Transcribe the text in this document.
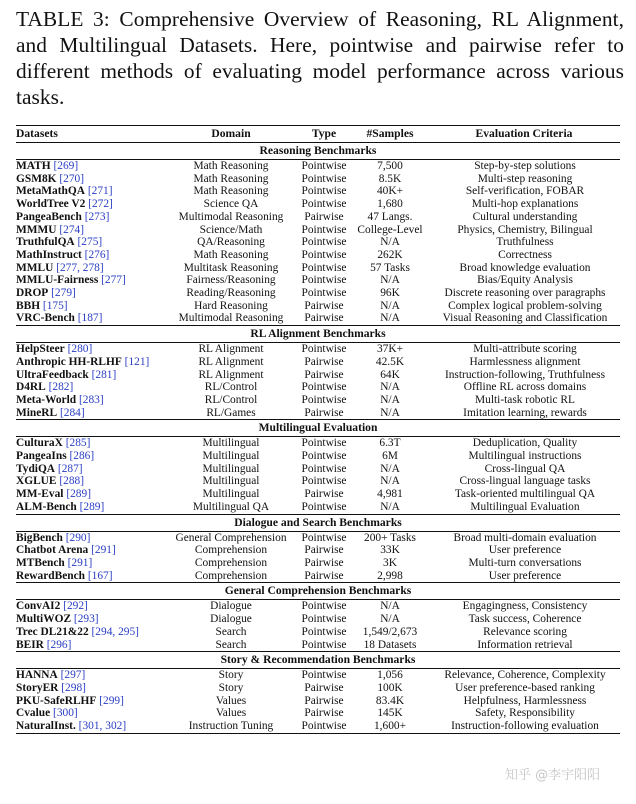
TABLE 3: Comprehensive Overview of Reasoning, RL Alignment, and Multilingual Datasets. Here, pointwise and pairwise refer to different methods of evaluating model performance across various tasks.
Datasets	Domain	Type	#Samples	Evaluation Criteria
Reasoning Benchmarks				
MATH [269]	Math Reasoning	Pointwise	7,500	Step-by-step solutions
GSM8K [270]	Math Reasoning	Pointwise	8.5K	Multi-step reasoning
MetaMathQA [271]	Math Reasoning	Pointwise	40K+	Self-verification, FOBAR
WorldTree V2 [272]	Science QA	Pointwise	1,680	Multi-hop explanations
PangeaBench [273]	Multimodal Reasoning	Pairwise	47 Langs.	Cultural understanding
MMMU [274]	Science/Math	Pointwise	College-Level	Physics, Chemistry, Bilingual
TruthfulQA [275]	QA/Reasoning	Pointwise	N/A	Truthfulness
MathInstruct [276]	Math Reasoning	Pointwise	262K	Correctness
MMLU [277, 278]	Multitask Reasoning	Pointwise	57 Tasks	Broad knowledge evaluation
MMLU-Fairness [277]	Fairness/Reasoning	Pointwise	N/A	Bias/Equity Analysis
DROP [279]	Reading/Reasoning	Pointwise	96K	Discrete reasoning over paragraphs
BBH [175]	Hard Reasoning	Pairwise	N/A	Complex logical problem-solving
VRC-Bench [187]	Multimodal Reasoning	Pairwise	N/A	Visual Reasoning and Classification
RL Alignment Benchmarks				
HelpSteer [280]	RL Alignment	Pointwise	37K+	Multi-attribute scoring
Anthropic HH-RLHF [121]	RL Alignment	Pairwise	42.5K	Harmlessness alignment
UltraFeedback [281]	RL Alignment	Pairwise	64K	Instruction-following, Truthfulness
D4RL [282]	RL/Control	Pointwise	N/A	Offline RL across domains
Meta-World [283]	RL/Control	Pointwise	N/A	Multi-task robotic RL
MineRL [284]	RL/Games	Pairwise	N/A	Imitation learning, rewards
Multilingual Evaluation				
CulturaX [285]	Multilingual	Pointwise	6.3T	Deduplication, Quality
PangeaIns [286]	Multilingual	Pointwise	6M	Multilingual instructions
TydiQA [287]	Multilingual	Pointwise	N/A	Cross-lingual QA
XGLUE [288]	Multilingual	Pointwise	N/A	Cross-lingual language tasks
MM-Eval [289]	Multilingual	Pairwise	4,981	Task-oriented multilingual QA
ALM-Bench [289]	Multilingual QA	Pointwise	N/A	Multilingual Evaluation
Dialogue and Search Benchmarks				
BigBench [290]	General Comprehension	Pointwise	200+ Tasks	Broad multi-domain evaluation
Chatbot Arena [291]	Comprehension	Pairwise	33K	User preference
MTBench [291]	Comprehension	Pairwise	3K	Multi-turn conversations
RewardBench [167]	Comprehension	Pairwise	2,998	User preference
General Comprehension Benchmarks				
ConvAI2 [292]	Dialogue	Pointwise	N/A	Engagingness, Consistency
MultiWOZ [293]	Dialogue	Pointwise	N/A	Task success, Coherence
Trec DL21&22 [294, 295]	Search	Pointwise	1,549/2,673	Relevance scoring
BEIR [296]	Search	Pointwise	18 Datasets	Information retrieval
Story & Recommendation Benchmarks				
HANNA [297]	Story	Pointwise	1,056	Relevance, Coherence, Complexity
StoryER [298]	Story	Pairwise	100K	User preference-based ranking
PKU-SafeRLHF [299]	Values	Pairwise	83.4K	Helpfulness, Harmlessness
Cvalue [300]	Values	Pairwise	145K	Safety, Responsibility
NaturalInst. [301, 302]	Instruction Tuning	Pointwise	1,600+	Instruction-following evaluation
知乎 @李宇阳阳
